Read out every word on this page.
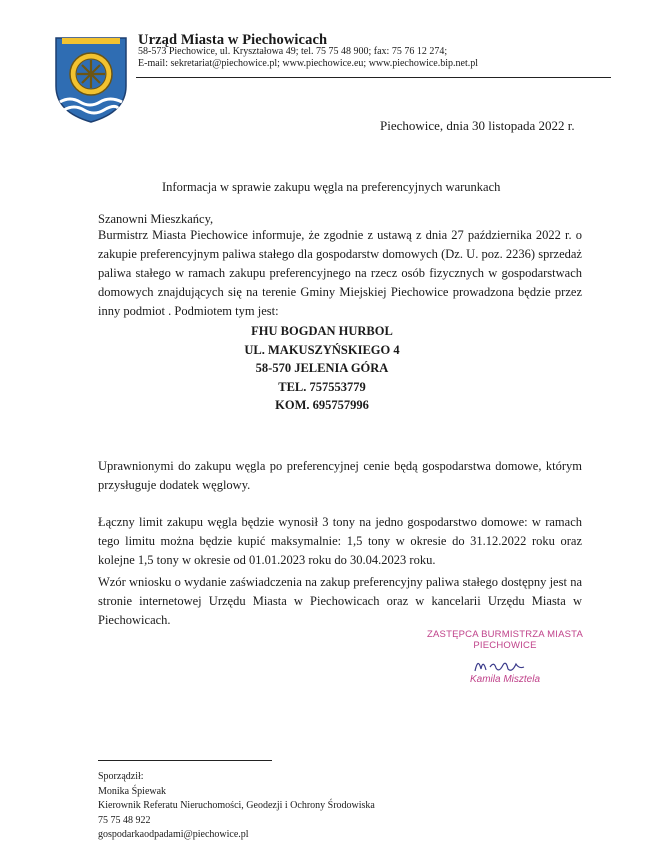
Urząd Miasta w Piechowicach
58-573 Piechowice, ul. Kryształowa 49; tel. 75 75 48 900; fax: 75 76 12 274;
E-mail: sekretariat@piechowice.pl; www.piechowice.eu; www.piechowice.bip.net.pl
Piechowice, dnia 30 listopada 2022 r.
Informacja w sprawie zakupu węgla na preferencyjnych warunkach
Szanowni Mieszkańcy,
Burmistrz Miasta Piechowice informuje, że zgodnie z ustawą z dnia 27 października 2022 r. o zakupie preferencyjnym paliwa stałego dla gospodarstw domowych (Dz. U. poz. 2236) sprzedaż paliwa stałego w ramach zakupu preferencyjnego na rzecz osób fizycznych w gospodarstwach domowych znajdujących się na terenie Gminy Miejskiej Piechowice prowadzona będzie przez inny podmiot . Podmiotem tym jest:
FHU BOGDAN HURBOL
UL. MAKUSZYŃSKIEGO 4
58-570 JELENIA GÓRA
TEL. 757553779
KOM. 695757996
Uprawnionymi do zakupu węgla po preferencyjnej cenie będą gospodarstwa domowe, którym przysługuje dodatek węglowy.
Łączny limit zakupu węgla będzie wynosił 3 tony na jedno gospodarstwo domowe: w ramach tego limitu można będzie kupić maksymalnie: 1,5 tony w okresie do 31.12.2022 roku oraz kolejne 1,5 tony w okresie od 01.01.2023 roku do 30.04.2023 roku.
Wzór wniosku o wydanie zaświadczenia na zakup preferencyjny paliwa stałego dostępny jest na stronie internetowej Urzędu Miasta w Piechowicach oraz w kancelarii Urzędu Miasta w Piechowicach.
ZASTĘPCA BURMISTRZA MIASTA
PIECHOWICE
Kamila Misztela
Sporządził:
Monika Śpiewak
Kierownik Referatu Nieruchomości, Geodezji i Ochrony Środowiska
75 75 48 922
gospodarkaodpadami@piechowice.pl
